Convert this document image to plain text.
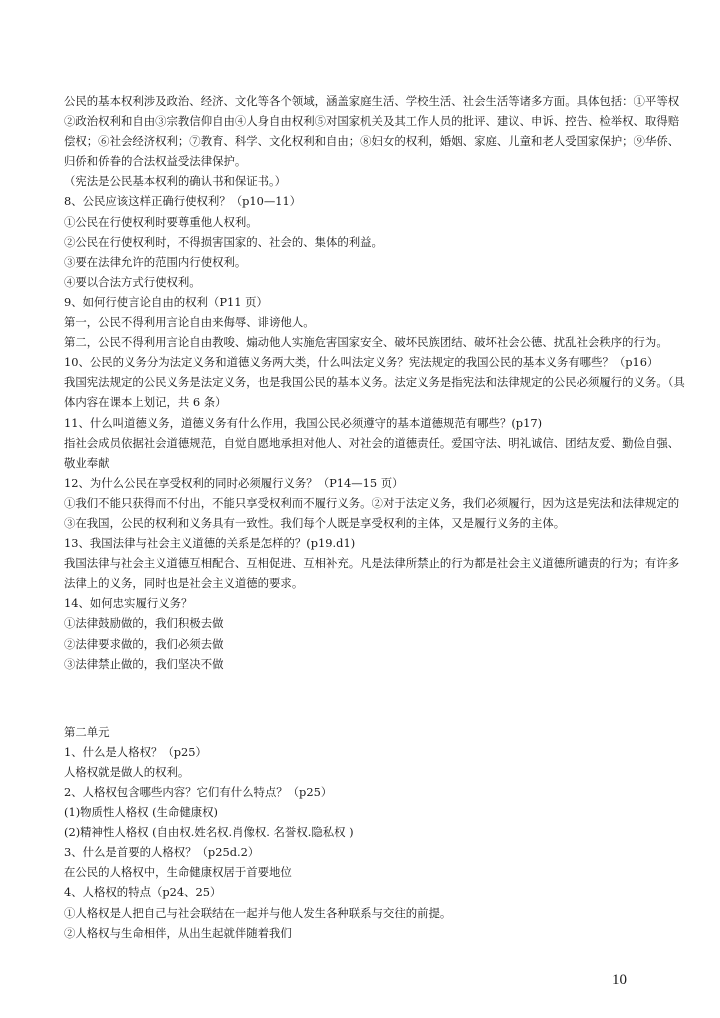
公民的基本权利涉及政治、经济、文化等各个领域，涵盖家庭生活、学校生活、社会生活等诸多方面。具体包括：①平等权
②政治权利和自由③宗教信仰自由④人身自由权利⑤对国家机关及其工作人员的批评、建议、申诉、控告、检举权、取得赔
偿权；⑥社会经济权利；⑦教育、科学、文化权利和自由；⑧妇女的权利，婚姻、家庭、儿童和老人受国家保护；⑨华侨、
归侨和侨眷的合法权益受法律保护。
（宪法是公民基本权利的确认书和保证书。）
8、公民应该这样正确行使权利？（p10—11）
①公民在行使权利时要尊重他人权利。
②公民在行使权利时，不得损害国家的、社会的、集体的利益。
③要在法律允许的范围内行使权利。
④要以合法方式行使权利。
9、如何行使言论自由的权利（P11 页）
第一，公民不得利用言论自由来侮辱、诽谤他人。
第二，公民不得利用言论自由教唆、煽动他人实施危害国家安全、破坏民族团结、破坏社会公德、扰乱社会秩序的行为。
10、公民的义务分为法定义务和道德义务两大类，什么叫法定义务？宪法规定的我国公民的基本义务有哪些？（p16）
我国宪法规定的公民义务是法定义务，也是我国公民的基本义务。法定义务是指宪法和法律规定的公民必须履行的义务。（具
体内容在课本上划记，共 6 条）
11、什么叫道德义务，道德义务有什么作用，我国公民必须遵守的基本道德规范有哪些？(p17)
指社会成员依据社会道德规范，自觉自愿地承担对他人、对社会的道德责任。爱国守法、明礼诚信、团结友爱、勤俭自强、
敬业奉献
12、为什么公民在享受权利的同时必须履行义务？（P14—15 页）
①我们不能只获得而不付出，不能只享受权利而不履行义务。②对于法定义务，我们必须履行，因为这是宪法和法律规定的
③在我国，公民的权利和义务具有一致性。我们每个人既是享受权利的主体，又是履行义务的主体。
13、我国法律与社会主义道德的关系是怎样的？(p19.d1)
我国法律与社会主义道德互相配合、互相促进、互相补充。凡是法律所禁止的行为都是社会主义道德所谴责的行为；有许多
法律上的义务，同时也是社会主义道德的要求。
14、如何忠实履行义务？
①法律鼓励做的，我们积极去做
②法律要求做的，我们必须去做
③法律禁止做的，我们坚决不做
第二单元
1、什么是人格权？（p25）
人格权就是做人的权利。
2、人格权包含哪些内容？它们有什么特点？（p25）
(1)物质性人格权 (生命健康权)
(2)精神性人格权 (自由权.姓名权.肖像权. 名誉权.隐私权 )
3、什么是首要的人格权？（p25d.2）
在公民的人格权中，生命健康权居于首要地位
4、人格权的特点（p24、25）
①人格权是人把自己与社会联结在一起并与他人发生各种联系与交往的前提。
②人格权与生命相伴，从出生起就伴随着我们
10
